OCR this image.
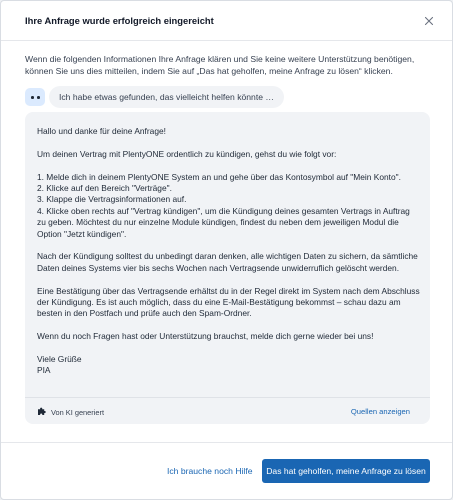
Ihre Anfrage wurde erfolgreich eingereicht
Wenn die folgenden Informationen Ihre Anfrage klären und Sie keine weitere Unterstützung benötigen, können Sie uns dies mitteilen, indem Sie auf „Das hat geholfen, meine Anfrage zu lösen“ klicken.
Ich habe etwas gefunden, das vielleicht helfen könnte …

Hallo und danke für deine Anfrage!

Um deinen Vertrag mit PlentyONE ordentlich zu kündigen, gehst du wie folgt vor:

1. Melde dich in deinem PlentyONE System an und gehe über das Kontosymbol auf "Mein Konto".
2. Klicke auf den Bereich "Verträge".
3. Klappe die Vertragsinformationen auf.
4. Klicke oben rechts auf "Vertrag kündigen", um die Kündigung deines gesamten Vertrags in Auftrag zu geben. Möchtest du nur einzelne Module kündigen, findest du neben dem jeweiligen Modul die Option "Jetzt kündigen".

Nach der Kündigung solltest du unbedingt daran denken, alle wichtigen Daten zu sichern, da sämtliche Daten deines Systems vier bis sechs Wochen nach Vertragsende unwiderruflich gelöscht werden.

Eine Bestätigung über das Vertragsende erhältst du in der Regel direkt im System nach dem Abschluss der Kündigung. Es ist auch möglich, dass du eine E-Mail-Bestätigung bekommst – schau dazu am besten in den Postfach und prüfe auch den Spam-Ordner.

Wenn du noch Fragen hast oder Unterstützung brauchst, melde dich gerne wieder bei uns!

Viele Grüße
PIA

Von KI generiert	Quellen anzeigen
Ich brauche noch Hilfe	Das hat geholfen, meine Anfrage zu lösen
